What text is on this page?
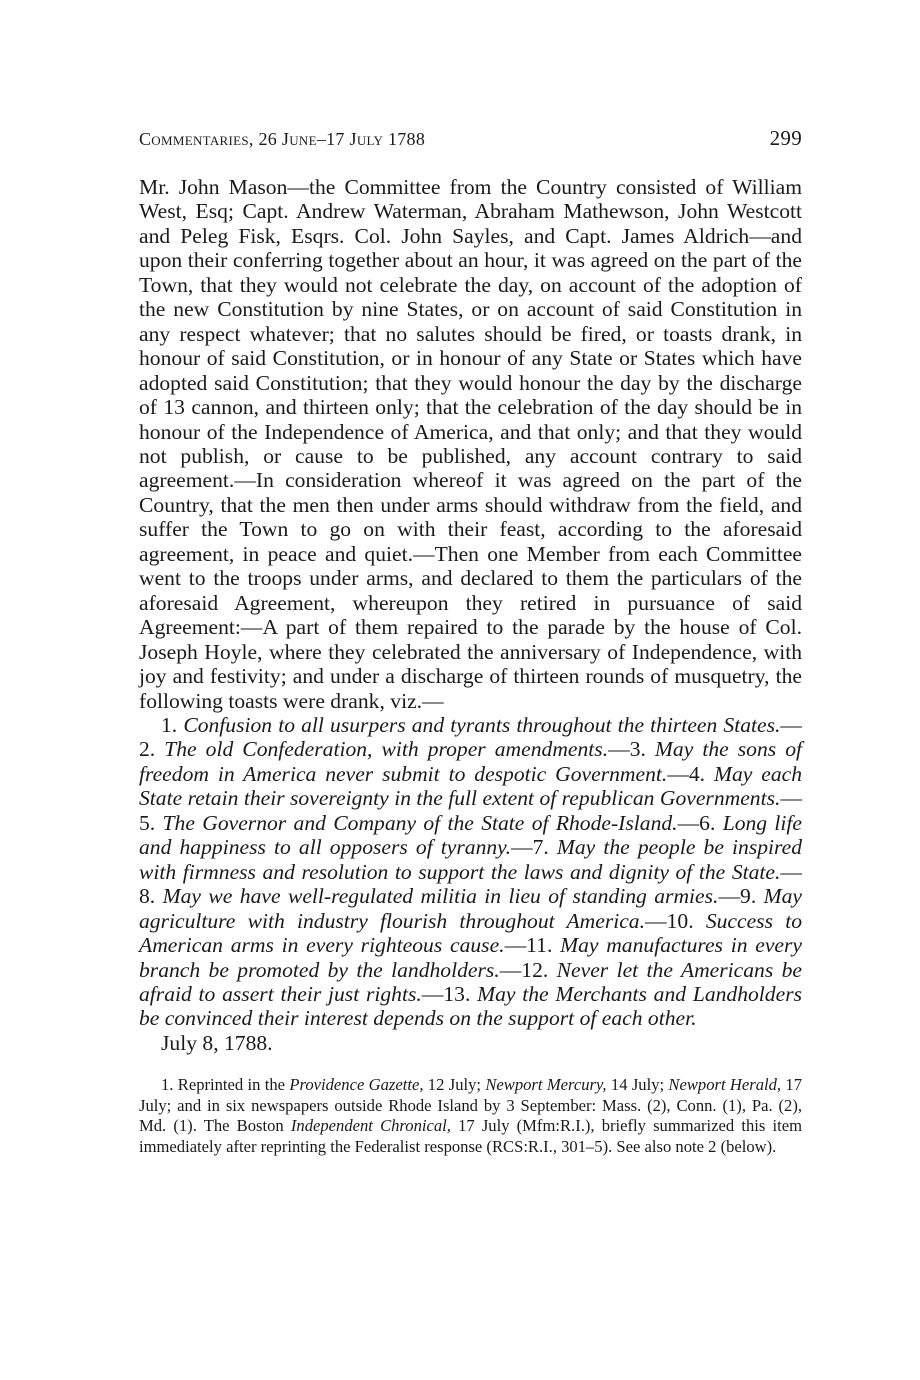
Commentaries, 26 June–17 July 1788	299

Mr. John Mason—the Committee from the Country consisted of William West, Esq; Capt. Andrew Waterman, Abraham Mathewson, John Westcott and Peleg Fisk, Esqrs. Col. John Sayles, and Capt. James Aldrich—and upon their conferring together about an hour, it was agreed on the part of the Town, that they would not celebrate the day, on account of the adoption of the new Constitution by nine States, or on account of said Constitution in any respect whatever; that no salutes should be fired, or toasts drank, in honour of said Constitution, or in honour of any State or States which have adopted said Constitution; that they would honour the day by the discharge of 13 cannon, and thirteen only; that the celebration of the day should be in honour of the Independence of America, and that only; and that they would not publish, or cause to be published, any account contrary to said agreement.—In consideration whereof it was agreed on the part of the Country, that the men then under arms should withdraw from the field, and suffer the Town to go on with their feast, according to the aforesaid agreement, in peace and quiet.—Then one Member from each Committee went to the troops under arms, and declared to them the particulars of the aforesaid Agreement, whereupon they retired in pursuance of said Agreement:—A part of them repaired to the parade by the house of Col. Joseph Hoyle, where they celebrated the anniversary of Independence, with joy and festivity; and under a discharge of thirteen rounds of musquetry, the following toasts were drank, viz.—

1. Confusion to all usurpers and tyrants throughout the thirteen States.—2. The old Confederation, with proper amendments.—3. May the sons of freedom in America never submit to despotic Government.—4. May each State retain their sovereignty in the full extent of republican Governments.—5. The Governor and Company of the State of Rhode-Island.—6. Long life and happiness to all opposers of tyranny.—7. May the people be inspired with firmness and resolution to support the laws and dignity of the State.—8. May we have well-regulated militia in lieu of standing armies.—9. May agriculture with industry flourish throughout America.—10. Success to American arms in every righteous cause.—11. May manufactures in every branch be promoted by the landholders.—12. Never let the Americans be afraid to assert their just rights.—13. May the Merchants and Landholders be convinced their interest depends on the support of each other.

July 8, 1788.

1. Reprinted in the Providence Gazette, 12 July; Newport Mercury, 14 July; Newport Herald, 17 July; and in six newspapers outside Rhode Island by 3 September: Mass. (2), Conn. (1), Pa. (2), Md. (1). The Boston Independent Chronical, 17 July (Mfm:R.I.), briefly summarized this item immediately after reprinting the Federalist response (RCS:R.I., 301–5). See also note 2 (below).
